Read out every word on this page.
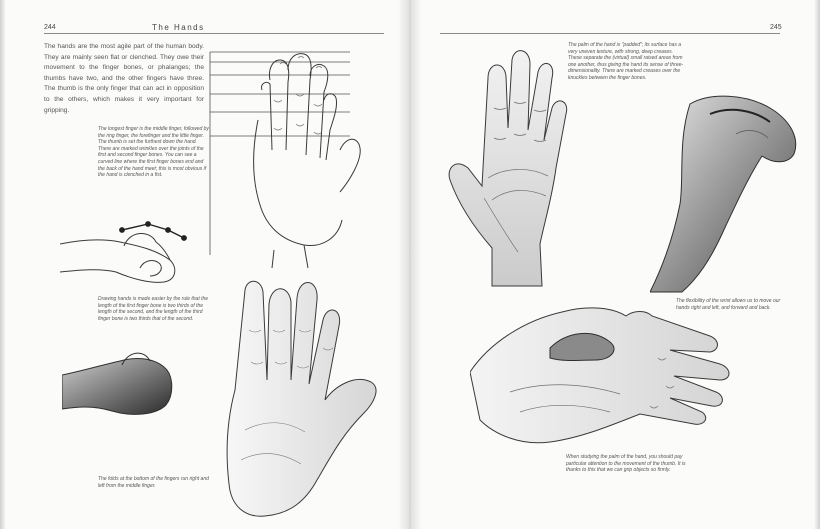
244	The Hands
The hands are the most agile part of the human body. They are mainly seen flat or clenched. They owe their movement to the finger bones, or phalanges; the thumbs have two, and the other fingers have three. The thumb is the only finger that can act in opposition to the others, which makes it very important for gripping.

The longest finger is the middle finger, followed by the ring finger, the forefinger and the little finger. The thumb is set the furthest down the hand. There are marked wrinkles over the joints of the first and second finger bones. You can see a curved line where the first finger bones end and the back of the hand meet; this is most obvious if the hand is clenched in a fist.

Drawing hands is made easier by the rule that the length of the first finger bone is two thirds of the length of the second, and the length of the third finger bone is two thirds that of the second.

The folds at the bottom of the fingers run right and left from the middle finger.

245

The palm of the hand is "padded"; its surface has a very uneven texture, with strong, deep creases. These separate the (virtual) small raised areas from one another, thus giving the hand its sense of three-dimensionality. There are marked creases over the knuckles between the finger bones.

The flexibility of the wrist allows us to move our hands right and left, and forward and back.

When studying the palm of the hand, you should pay particular attention to the movement of the thumb. It is thanks to this that we can grip objects so firmly.
